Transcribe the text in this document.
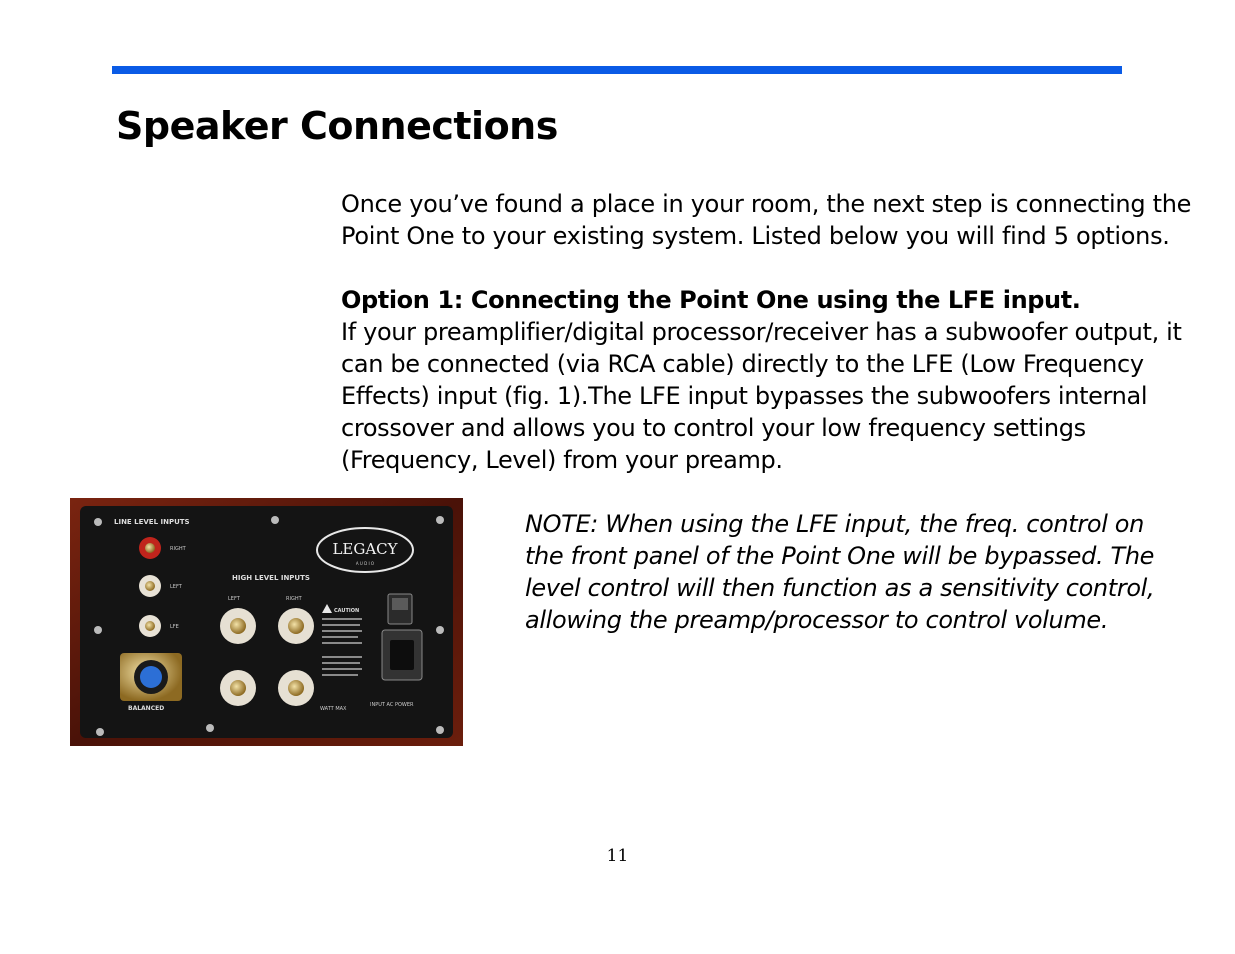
Speaker Connections

Once you’ve found a place in your room, the next step is connecting the
Point One to your existing system. Listed below you will find 5 options.

Option 1: Connecting the Point One using the LFE input.

If your preamplifier/digital processor/receiver has a subwoofer output, it
can be connected (via RCA cable) directly to the LFE (Low Frequency
Effects) input (fig. 1).The LFE input bypasses the subwoofers internal
crossover and allows you to control your low frequency settings
(Frequency, Level) from your preamp.

LINE LEVEL INPUTS
RIGHT
LEFT
LFE
BALANCED
HIGH LEVEL INPUTS
LEFT	RIGHT
WATT MAX
LEGACY
A U D I O
CAUTION
INPUT AC POWER

NOTE: When using the LFE input, the freq. control on
the front panel of the Point One will be bypassed. The
level control will then function as a sensitivity control,
allowing the preamp/processor to control volume.

11
